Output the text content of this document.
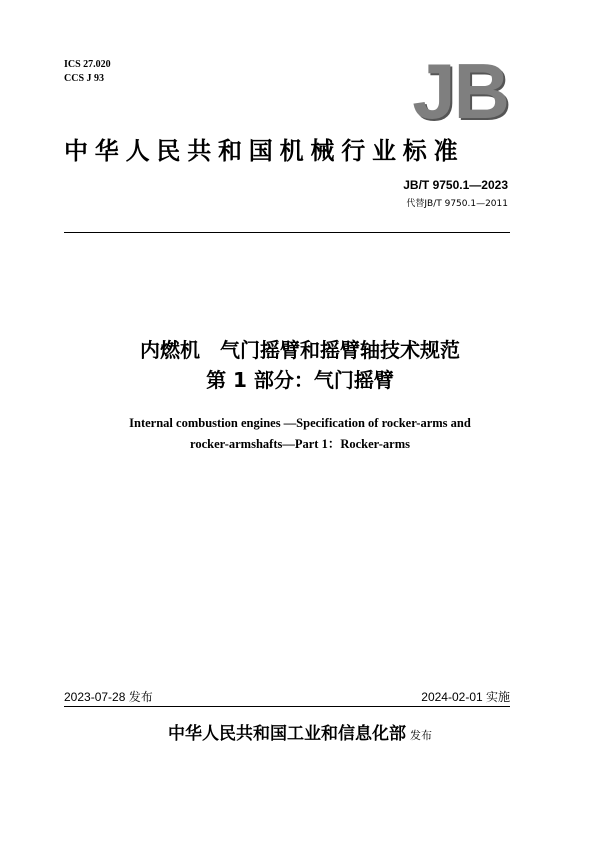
ICS 27.020
CCS J 93	JB
中华人民共和国机械行业标准
JB/T 9750.1—2023
代替JB/T 9750.1—2011
内燃机　气门摇臂和摇臂轴技术规范
第 1 部分：气门摇臂
Internal combustion engines —Specification of rocker-arms and
rocker-armshafts—Part 1：Rocker-arms
2023-07-28 发布	2024-02-01 实施
中华人民共和国工业和信息化部 发布
